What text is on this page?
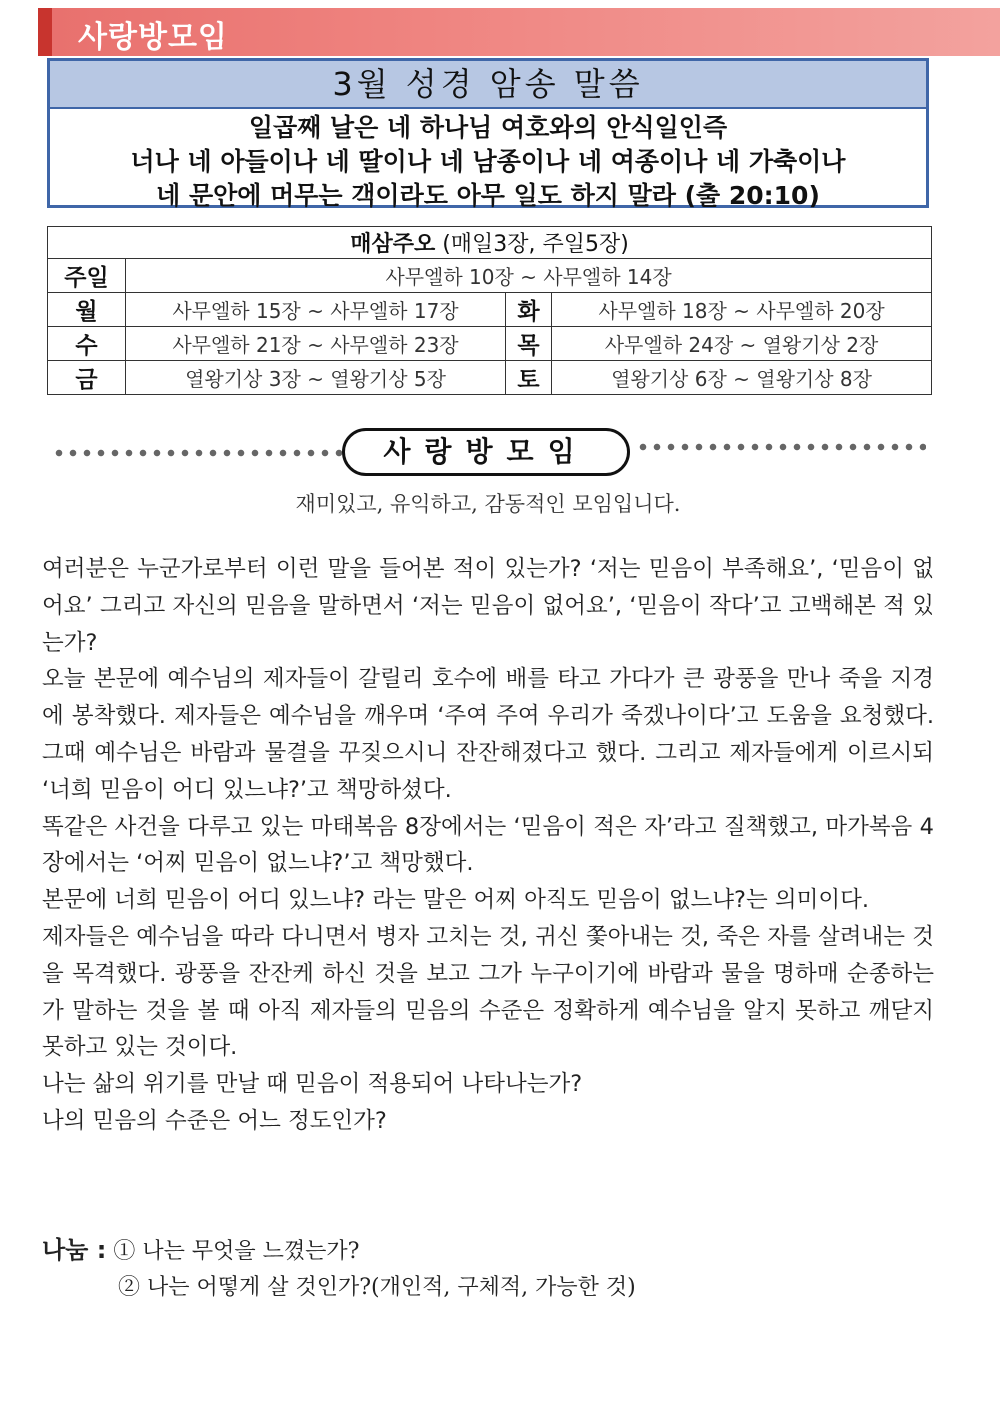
사랑방모임
3월 성경 암송 말씀
일곱째 날은 네 하나님 여호와의 안식일인즉
너나 네 아들이나 네 딸이나 네 남종이나 네 여종이나 네 가축이나
네 문안에 머무는 객이라도 아무 일도 하지 말라 (출 20:10)
매삼주오 (매일3장, 주일5장)			
주일	사무엘하 10장 ~ 사무엘하 14장		
월	사무엘하 15장 ~ 사무엘하 17장	화	사무엘하 18장 ~ 사무엘하 20장
수	사무엘하 21장 ~ 사무엘하 23장	목	사무엘하 24장 ~ 열왕기상 2장
금	열왕기상 3장 ~ 열왕기상 5장	토	열왕기상 6장 ~ 열왕기상 8장
사랑방모임
재미있고, 유익하고, 감동적인 모임입니다.

여러분은 누군가로부터 이런 말을 들어본 적이 있는가? ‘저는 믿음이 부족해요’, ‘믿음이 없어요’ 그리고 자신의 믿음을 말하면서 ‘저는 믿음이 없어요’, ‘믿음이 작다’고 고백해본 적 있는가?

오늘 본문에 예수님의 제자들이 갈릴리 호수에 배를 타고 가다가 큰 광풍을 만나 죽을 지경에 봉착했다. 제자들은 예수님을 깨우며 ‘주여 주여 우리가 죽겠나이다’고 도움을 요청했다. 그때 예수님은 바람과 물결을 꾸짖으시니 잔잔해졌다고 했다. 그리고 제자들에게 이르시되 ‘너희 믿음이 어디 있느냐?’고 책망하셨다.

똑같은 사건을 다루고 있는 마태복음 8장에서는 ‘믿음이 적은 자’라고 질책했고, 마가복음 4장에서는 ‘어찌 믿음이 없느냐?’고 책망했다.

본문에 너희 믿음이 어디 있느냐? 라는 말은 어찌 아직도 믿음이 없느냐?는 의미이다.

제자들은 예수님을 따라 다니면서 병자 고치는 것, 귀신 쫓아내는 것, 죽은 자를 살려내는 것을 목격했다. 광풍을 잔잔케 하신 것을 보고 그가 누구이기에 바람과 물을 명하매 순종하는가 말하는 것을 볼 때 아직 제자들의 믿음의 수준은 정확하게 예수님을 알지 못하고 깨닫지 못하고 있는 것이다.

나는 삶의 위기를 만날 때 믿음이 적용되어 나타나는가?

나의 믿음의 수준은 어느 정도인가?

나눔 : ① 나는 무엇을 느꼈는가?
② 나는 어떻게 살 것인가?(개인적, 구체적, 가능한 것)
